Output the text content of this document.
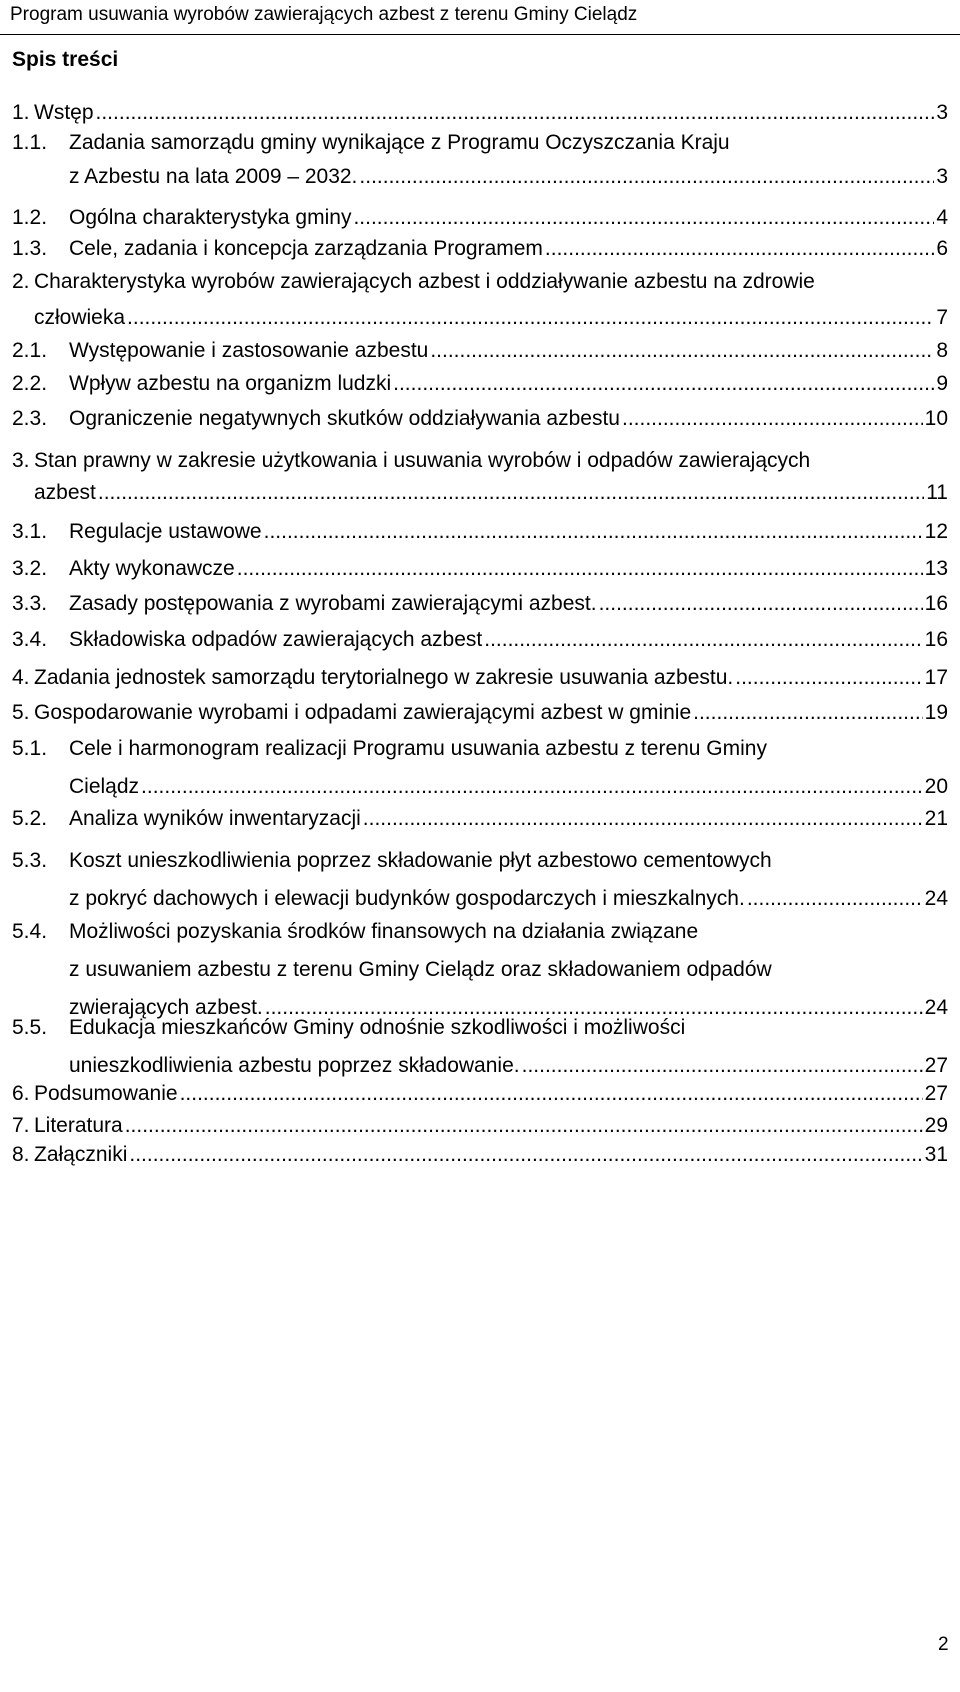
Program usuwania wyrobów zawierających azbest z terenu Gminy Cielądz
Spis treści
1. Wstęp .....	3
1.1.	Zadania samorządu gminy wynikające z Programu Oczyszczania Kraju
z Azbestu na lata 2009 – 2032. .....	3
1.2.	Ogólna charakterystyka gminy .....	4
1.3.	Cele, zadania i koncepcja zarządzania Programem .....	6
2. Charakterystyka wyrobów zawierających azbest i oddziaływanie azbestu na zdrowie
człowieka .....	7
2.1.	Występowanie i zastosowanie azbestu .....	8
2.2.	Wpływ azbestu na organizm ludzki .....	9
2.3.	Ograniczenie negatywnych skutków oddziaływania azbestu .....	10
3. Stan prawny w zakresie użytkowania i usuwania wyrobów i odpadów zawierających
azbest .....	11
3.1.	Regulacje ustawowe .....	12
3.2.	Akty wykonawcze .....	13
3.3.	Zasady postępowania z wyrobami zawierającymi azbest. .....	16
3.4.	Składowiska odpadów zawierających azbest .....	16
4. Zadania jednostek samorządu terytorialnego w zakresie usuwania azbestu. .....	17
5. Gospodarowanie wyrobami i odpadami zawierającymi azbest w gminie .....	19
5.1.	Cele i harmonogram realizacji Programu usuwania azbestu z terenu Gminy
Cielądz .....	20
5.2.	Analiza wyników inwentaryzacji .....	21
5.3.	Koszt unieszkodliwienia poprzez składowanie płyt azbestowo cementowych
z pokryć dachowych i elewacji budynków gospodarczych i mieszkalnych. .....	24
5.4.	Możliwości pozyskania środków finansowych na działania związane
z usuwaniem azbestu z terenu Gminy Cielądz oraz składowaniem odpadów
zwierających azbest. .....	24
5.5.	Edukacja mieszkańców Gminy odnośnie szkodliwości i możliwości
unieszkodliwienia azbestu poprzez składowanie. .....	27
6. Podsumowanie .....	27
7. Literatura .....	29
8. Załączniki .....	31
2
